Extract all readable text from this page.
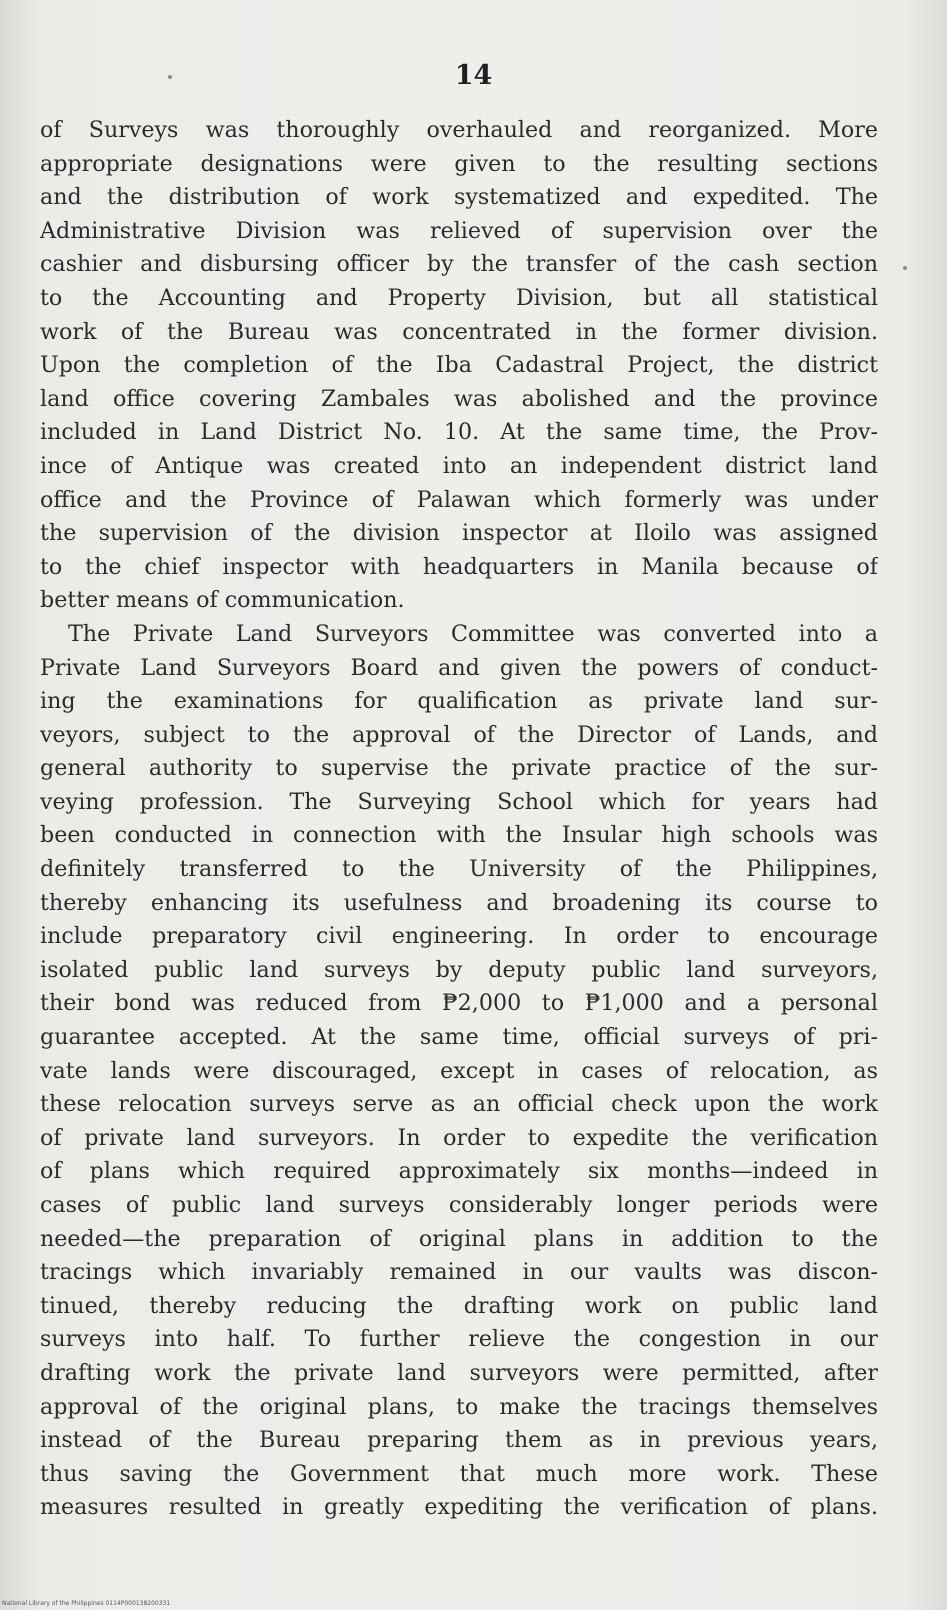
14

of Surveys was thoroughly overhauled and reorganized. More
appropriate designations were given to the resulting sections
and the distribution of work systematized and expedited. The
Administrative Division was relieved of supervision over the
cashier and disbursing officer by the transfer of the cash section
to the Accounting and Property Division, but all statistical
work of the Bureau was concentrated in the former division.
Upon the completion of the Iba Cadastral Project, the district
land office covering Zambales was abolished and the province
included in Land District No. 10. At the same time, the Prov-
ince of Antique was created into an independent district land
office and the Province of Palawan which formerly was under
the supervision of the division inspector at Iloilo was assigned
to the chief inspector with headquarters in Manila because of
better means of communication.

The Private Land Surveyors Committee was converted into a
Private Land Surveyors Board and given the powers of conduct-
ing the examinations for qualification as private land sur-
veyors, subject to the approval of the Director of Lands, and
general authority to supervise the private practice of the sur-
veying profession. The Surveying School which for years had
been conducted in connection with the Insular high schools was
definitely transferred to the University of the Philippines,
thereby enhancing its usefulness and broadening its course to
include preparatory civil engineering. In order to encourage
isolated public land surveys by deputy public land surveyors,
their bond was reduced from ₱2,000 to ₱1,000 and a personal
guarantee accepted. At the same time, official surveys of pri-
vate lands were discouraged, except in cases of relocation, as
these relocation surveys serve as an official check upon the work
of private land surveyors. In order to expedite the verification
of plans which required approximately six months—indeed in
cases of public land surveys considerably longer periods were
needed—the preparation of original plans in addition to the
tracings which invariably remained in our vaults was discon-
tinued, thereby reducing the drafting work on public land
surveys into half. To further relieve the congestion in our
drafting work the private land surveyors were permitted, after
approval of the original plans, to make the tracings themselves
instead of the Bureau preparing them as in previous years,
thus saving the Government that much more work. These
measures resulted in greatly expediting the verification of plans.

National Library of the Philippines 0114P000138200331
